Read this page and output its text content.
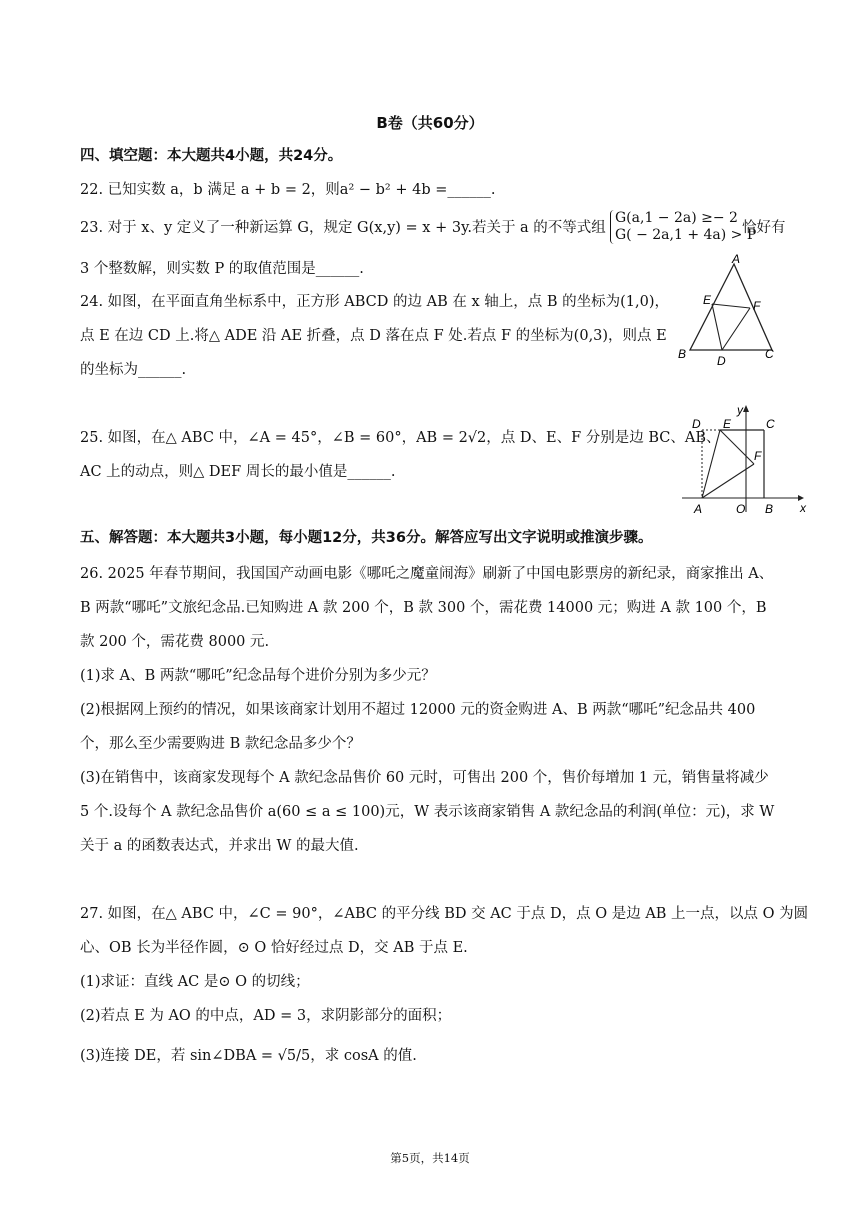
B卷（共60分）
四、填空题：本大题共4小题，共24分。
22. 已知实数 a，b 满足 a + b = 2，则a² − b² + 4b =______.
23. 对于 x、y 定义了一种新运算 G，规定 G(x,y) = x + 3y.若关于 a 的不等式组
G(a,1 − 2a) ≥− 2
G( − 2a,1 + 4a) > P
恰好有
3 个整数解，则实数 P 的取值范围是______.
24. 如图，在平面直角坐标系中，正方形 ABCD 的边 AB 在 x 轴上，点 B 的坐标为(1,0)，
点 E 在边 CD 上.将△ ADE 沿 AE 折叠，点 D 落在点 F 处.若点 F 的坐标为(0,3)，则点 E
的坐标为______.
A
B	C
D
E	F
25. 如图，在△ ABC 中，∠A = 45°，∠B = 60°，AB = 2√2，点 D、E、F 分别是边 BC、AB、
AC 上的动点，则△ DEF 周长的最小值是______.
D E	C
F
A	O B x
y
五、解答题：本大题共3小题，每小题12分，共36分。解答应写出文字说明或推演步骤。
26. 2025 年春节期间，我国国产动画电影《哪吒之魔童闹海》刷新了中国电影票房的新纪录，商家推出 A、
B 两款“哪吒”文旅纪念品.已知购进 A 款 200 个，B 款 300 个，需花费 14000 元；购进 A 款 100 个，B
款 200 个，需花费 8000 元.
(1)求 A、B 两款“哪吒”纪念品每个进价分别为多少元？
(2)根据网上预约的情况，如果该商家计划用不超过 12000 元的资金购进 A、B 两款“哪吒”纪念品共 400
个，那么至少需要购进 B 款纪念品多少个？
(3)在销售中，该商家发现每个 A 款纪念品售价 60 元时，可售出 200 个，售价每增加 1 元，销售量将减少
5 个.设每个 A 款纪念品售价 a(60 ≤ a ≤ 100)元，W 表示该商家销售 A 款纪念品的利润(单位：元)，求 W
关于 a 的函数表达式，并求出 W 的最大值.
27. 如图，在△ ABC 中，∠C = 90°，∠ABC 的平分线 BD 交 AC 于点 D，点 O 是边 AB 上一点，以点 O 为圆
心、OB 长为半径作圆，⊙ O 恰好经过点 D，交 AB 于点 E.
(1)求证：直线 AC 是⊙ O 的切线；
(2)若点 E 为 AO 的中点，AD = 3，求阴影部分的面积；
(3)连接 DE，若 sin∠DBA = √5/5，求 cosA 的值.
第5页，共14页
